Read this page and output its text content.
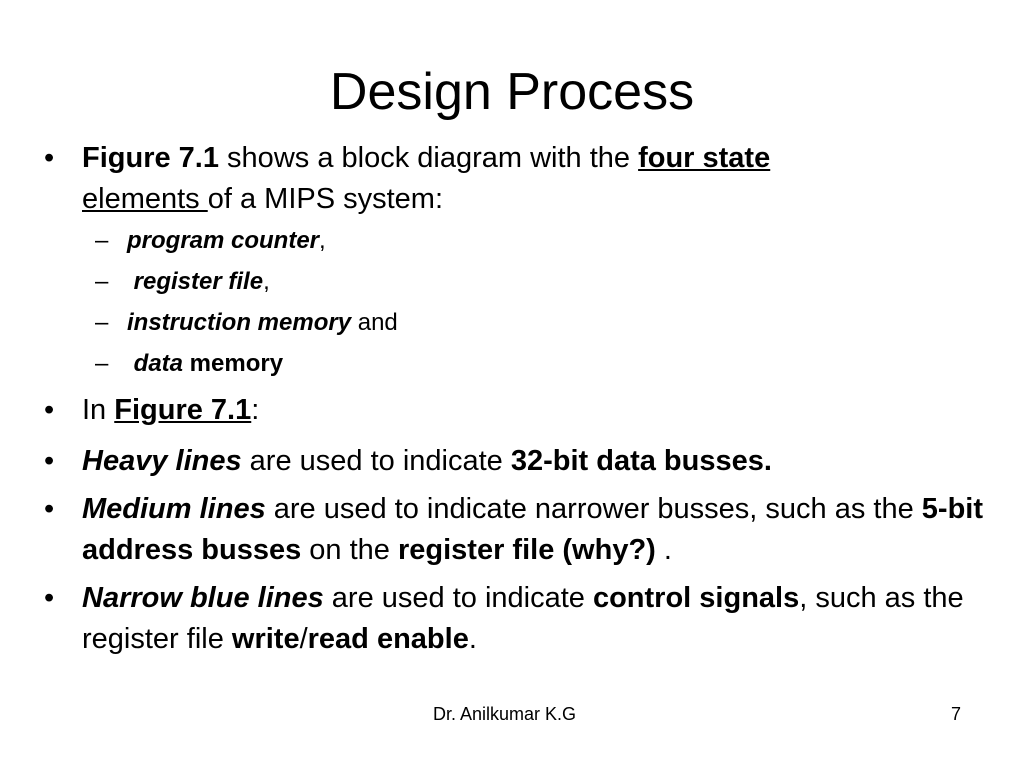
Design Process
• Figure 7.1 shows a block diagram with the four state
elements of a MIPS system:
– program counter,
– register file,
– instruction memory and
– data memory
• In Figure 7.1:
• Heavy lines are used to indicate 32-bit data busses.
• Medium lines are used to indicate narrower busses, such as the 5-bit address busses on the register file (why?) .
• Narrow blue lines are used to indicate control signals, such as the register file write/read enable.
Dr. Anilkumar K.G	7
